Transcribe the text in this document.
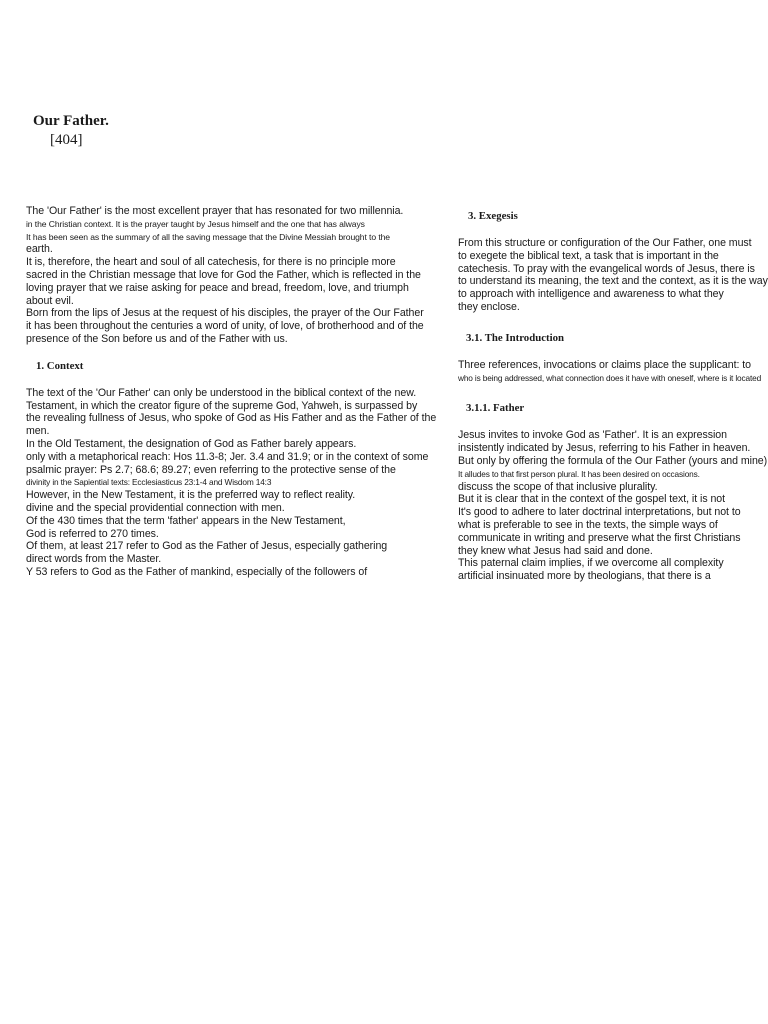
Our Father.
[404]
The 'Our Father' is the most excellent prayer that has resonated for two millennia.
in the Christian context. It is the prayer taught by Jesus himself and the one that has always
It has been seen as the summary of all the saving message that the Divine Messiah brought to the
earth.
It is, therefore, the heart and soul of all catechesis, for there is no principle more
sacred in the Christian message that love for God the Father, which is reflected in the
loving prayer that we raise asking for peace and bread, freedom, love, and triumph
about evil.
Born from the lips of Jesus at the request of his disciples, the prayer of the Our Father
it has been throughout the centuries a word of unity, of love, of brotherhood and of the
presence of the Son before us and of the Father with us.
1. Context
The text of the 'Our Father' can only be understood in the biblical context of the new.
Testament, in which the creator figure of the supreme God, Yahweh, is surpassed by
the revealing fullness of Jesus, who spoke of God as His Father and as the Father of the
men.
In the Old Testament, the designation of God as Father barely appears.
only with a metaphorical reach: Hos 11.3-8; Jer. 3.4 and 31.9; or in the context of some
psalmic prayer: Ps 2.7; 68.6; 89.27; even referring to the protective sense of the
divinity in the Sapiential texts: Ecclesiasticus 23:1-4 and Wisdom 14:3
However, in the New Testament, it is the preferred way to reflect reality.
divine and the special providential connection with men.
Of the 430 times that the term 'father' appears in the New Testament,
God is referred to 270 times.
Of them, at least 217 refer to God as the Father of Jesus, especially gathering
direct words from the Master.
Y 53 refers to God as the Father of mankind, especially of the followers of
3. Exegesis
From this structure or configuration of the Our Father, one must
to exegete the biblical text, a task that is important in the
catechesis. To pray with the evangelical words of Jesus, there is
to understand its meaning, the text and the context, as it is the way
to approach with intelligence and awareness to what they
they enclose.
3.1. The Introduction
Three references, invocations or claims place the supplicant: to
who is being addressed, what connection does it have with oneself, where is it located
3.1.1. Father
Jesus invites to invoke God as 'Father'. It is an expression
insistently indicated by Jesus, referring to his Father in heaven.
But only by offering the formula of the Our Father (yours and mine)
It alludes to that first person plural. It has been desired on occasions.
discuss the scope of that inclusive plurality.
But it is clear that in the context of the gospel text, it is not
It's good to adhere to later doctrinal interpretations, but not to
what is preferable to see in the texts, the simple ways of
communicate in writing and preserve what the first Christians
they knew what Jesus had said and done.
This paternal claim implies, if we overcome all complexity
artificial insinuated more by theologians, that there is a
